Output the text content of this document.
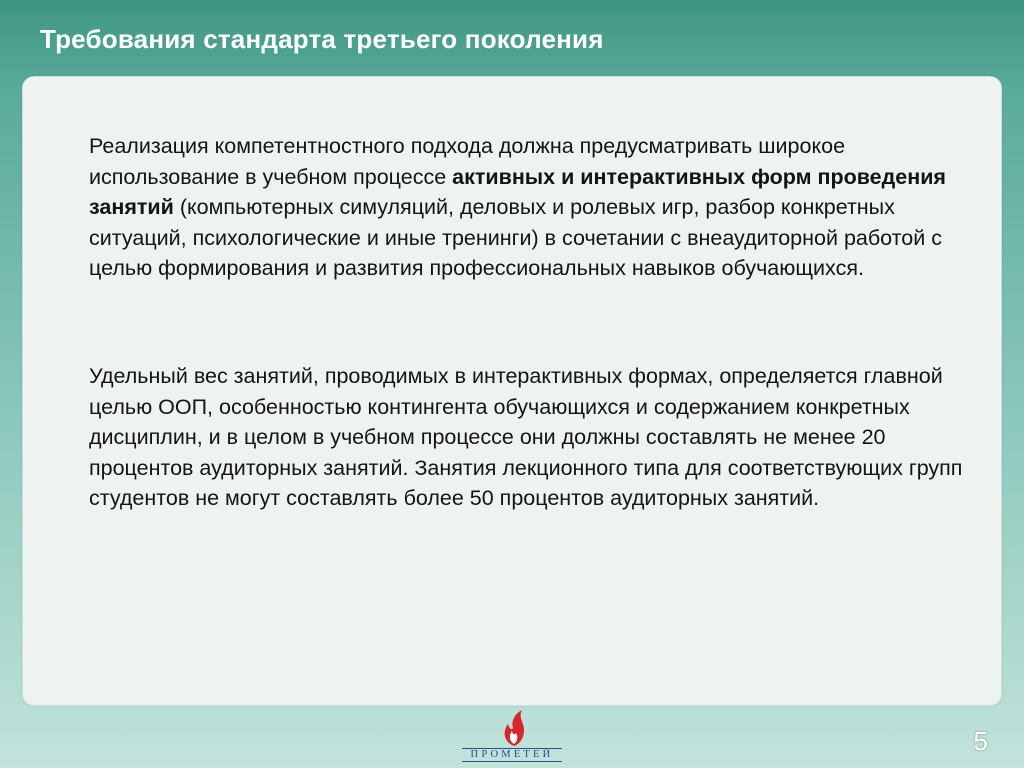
Требования стандарта третьего поколения

Реализация компетентностного подхода должна предусматривать широкое использование в учебном процессе активных и интерактивных форм проведения занятий (компьютерных симуляций, деловых и ролевых игр, разбор конкретных ситуаций, психологические и иные тренинги) в сочетании с внеаудиторной работой с целью формирования и развития профессиональных навыков обучающихся.

Удельный вес занятий, проводимых в интерактивных формах, определяется главной целью ООП, особенностью контингента обучающихся и содержанием конкретных дисциплин, и в целом в учебном процессе они должны составлять не менее 20 процентов аудиторных занятий. Занятия лекционного типа для соответствующих групп студентов не могут составлять более 50 процентов аудиторных занятий.

ПРОМЕТЕЙ	5
